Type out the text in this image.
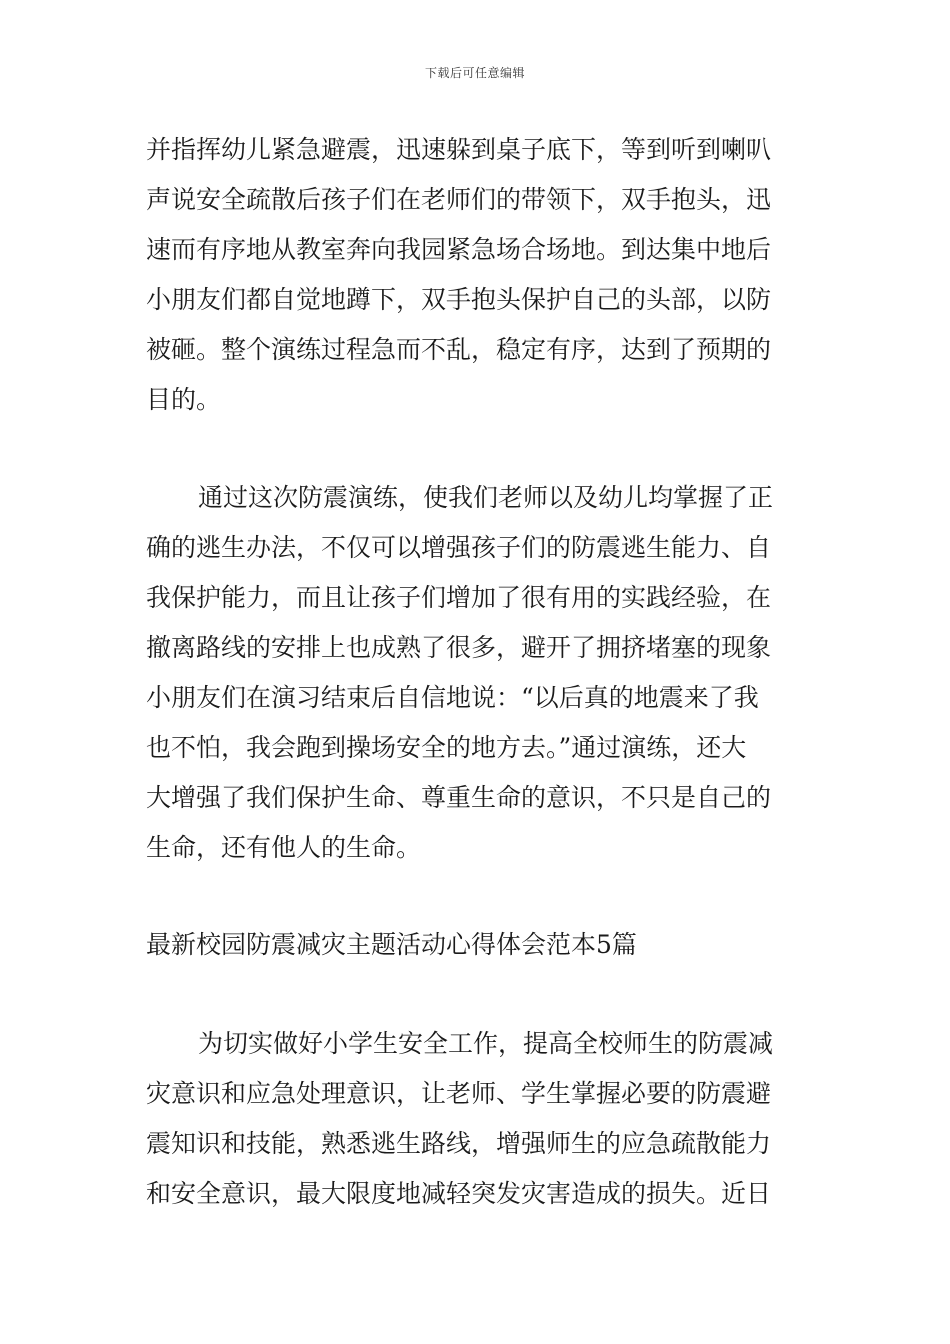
下载后可任意编辑
并指挥幼儿紧急避震，迅速躲到桌子底下，等到听到喇叭
声说安全疏散后孩子们在老师们的带领下，双手抱头，迅
速而有序地从教室奔向我园紧急场合场地。到达集中地后
小朋友们都自觉地蹲下，双手抱头保护自己的头部，以防
被砸。整个演练过程急而不乱，稳定有序，达到了预期的
目的。
通过这次防震演练，使我们老师以及幼儿均掌握了正
确的逃生办法，不仅可以增强孩子们的防震逃生能力、自
我保护能力，而且让孩子们增加了很有用的实践经验，在
撤离路线的安排上也成熟了很多，避开了拥挤堵塞的现象
小朋友们在演习结束后自信地说：“以后真的地震来了我
也不怕，我会跑到操场安全的地方去。”通过演练，还大
大增强了我们保护生命、尊重生命的意识，不只是自己的
生命，还有他人的生命。
最新校园防震减灾主题活动心得体会范本5篇
为切实做好小学生安全工作，提高全校师生的防震减
灾意识和应急处理意识，让老师、学生掌握必要的防震避
震知识和技能，熟悉逃生路线，增强师生的应急疏散能力
和安全意识，最大限度地减轻突发灾害造成的损失。近日
